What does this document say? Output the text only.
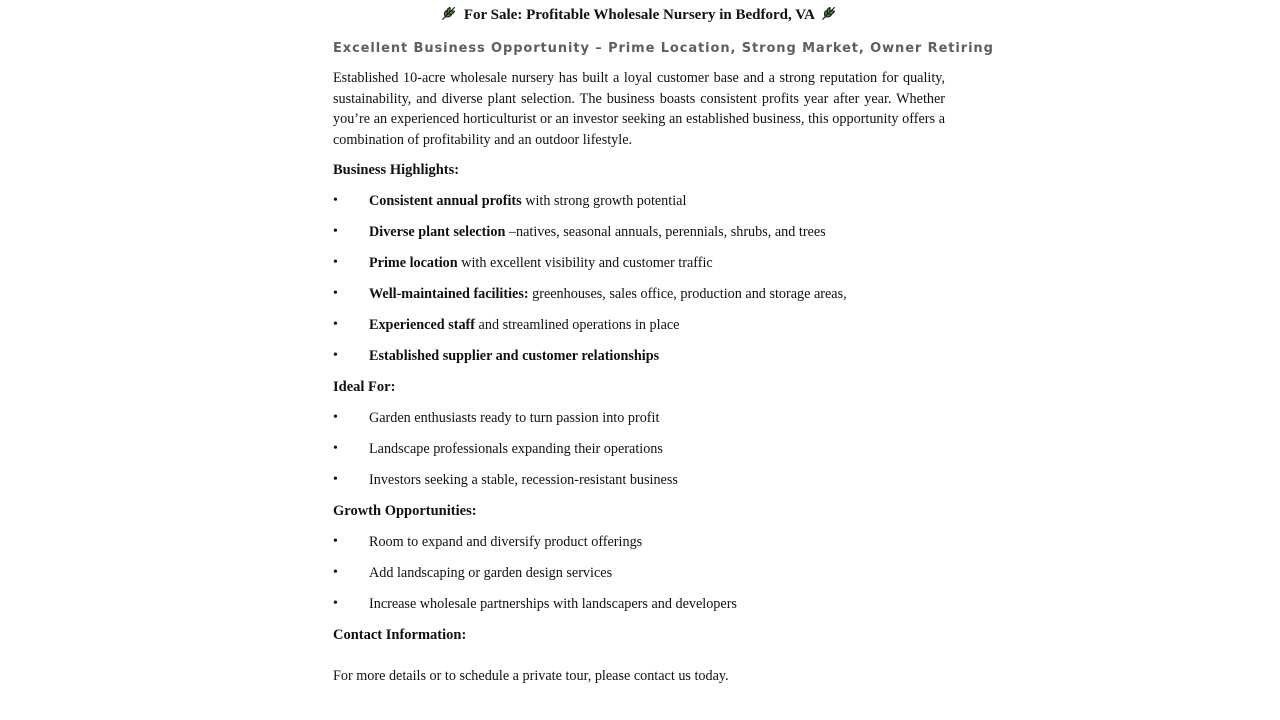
For Sale: Profitable Wholesale Nursery in Bedford, VA
Excellent Business Opportunity – Prime Location, Strong Market, Owner Retiring

Established 10-acre wholesale nursery has built a loyal customer base and a strong reputation for quality, sustainability, and diverse plant selection. The business boasts consistent profits year after year. Whether you’re an experienced horticulturist or an investor seeking an established business, this opportunity offers a combination of profitability and an outdoor lifestyle.

Business Highlights:
•	Consistent annual profits with strong growth potential
•	Diverse plant selection –natives, seasonal annuals, perennials, shrubs, and trees
•	Prime location with excellent visibility and customer traffic
•	Well-maintained facilities: greenhouses, sales office, production and storage areas,
•	Experienced staff and streamlined operations in place
•	Established supplier and customer relationships
Ideal For:
•	Garden enthusiasts ready to turn passion into profit
•	Landscape professionals expanding their operations
•	Investors seeking a stable, recession-resistant business
Growth Opportunities:
•	Room to expand and diversify product offerings
•	Add landscaping or garden design services
•	Increase wholesale partnerships with landscapers and developers
Contact Information:

For more details or to schedule a private tour, please contact us today.
